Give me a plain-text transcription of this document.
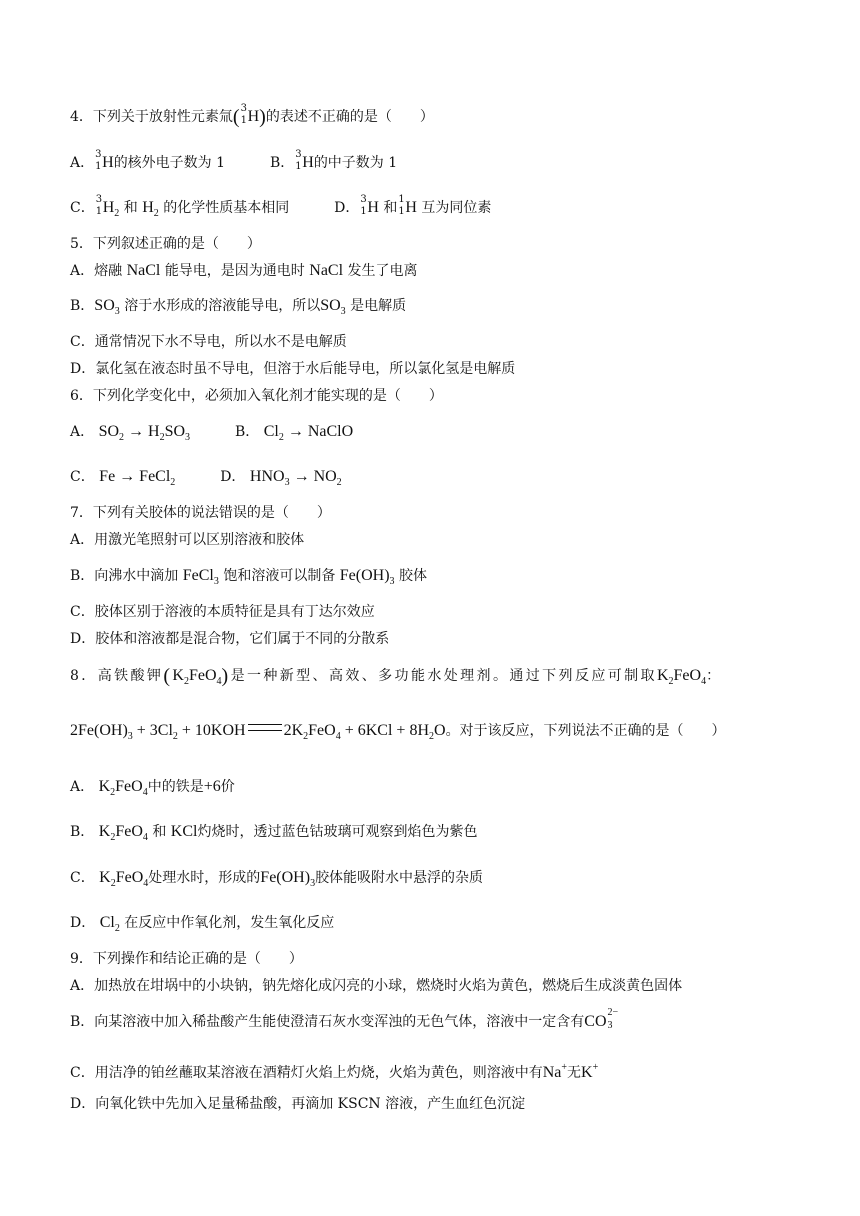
4．下列关于放射性元素氚( 3
1 H)的表述不正确的是（　　）
A．
3
1 H的核外电子数为 1	B．
3
1 H的中子数为 1
C．
3
1 $H_2$ 和 $H_2$ 的化学性质基本相同	D．
3
1 H 和
1
1 H 互为同位素
5．下列叙述正确的是（　　）
A．熔融 NaCl 能导电，是因为通电时 NaCl 发生了电离
B．$SO_3$ 溶于水形成的溶液能导电，所以$SO_3$ 是电解质
C．通常情况下水不导电，所以水不是电解质
D．氯化氢在液态时虽不导电，但溶于水后能导电，所以氯化氢是电解质
6．下列化学变化中，必须加入氧化剂才能实现的是（　　）
A． $SO_2 \to H_2SO_3$	B． $Cl_2$ → NaClO
C． Fe → FeCl$_2$	D． $HNO_3 \to NO_2$
7．下列有关胶体的说法错误的是（　　）
A．用激光笔照射可以区别溶液和胶体
B．向沸水中滴加 FeCl$_3$ 饱和溶液可以制备 $Fe(OH)_3$ 胶体
C．胶体区别于溶液的本质特征是具有丁达尔效应
D．胶体和溶液都是混合物，它们属于不同的分散系
8．高铁酸钾$(K_2FeO_4)$是一种新型、高效、多功能水处理剂。通过下列反应可制取$K_2FeO_4$：
$2Fe(OH)_3 + 3Cl_2 + 10KOH$ $2K_2FeO_4 + 6KCl + 8H_2O$。对于该反应，下列说法不正确的是（　　）
A． $K_2FeO_4$中的铁是+6价
B． $K_2FeO_4$ 和 KCl灼烧时，透过蓝色钴玻璃可观察到焰色为紫色
C． $K_2FeO_4$处理水时，形成的$Fe(OH)_3$胶体能吸附水中悬浮的杂质
D． $Cl_2$ 在反应中作氧化剂，发生氧化反应
9．下列操作和结论正确的是（　　）
A．加热放在坩埚中的小块钠，钠先熔化成闪亮的小球，燃烧时火焰为黄色，燃烧后生成淡黄色固体
B．向某溶液中加入稀盐酸产生能使澄清石灰水变浑浊的无色气体，溶液中一定含有CO
2−
3
C．用洁净的铂丝蘸取某溶液在酒精灯火焰上灼烧，火焰为黄色，则溶液中有Na+无K+
D．向氧化铁中先加入足量稀盐酸，再滴加 KSCN 溶液，产生血红色沉淀
